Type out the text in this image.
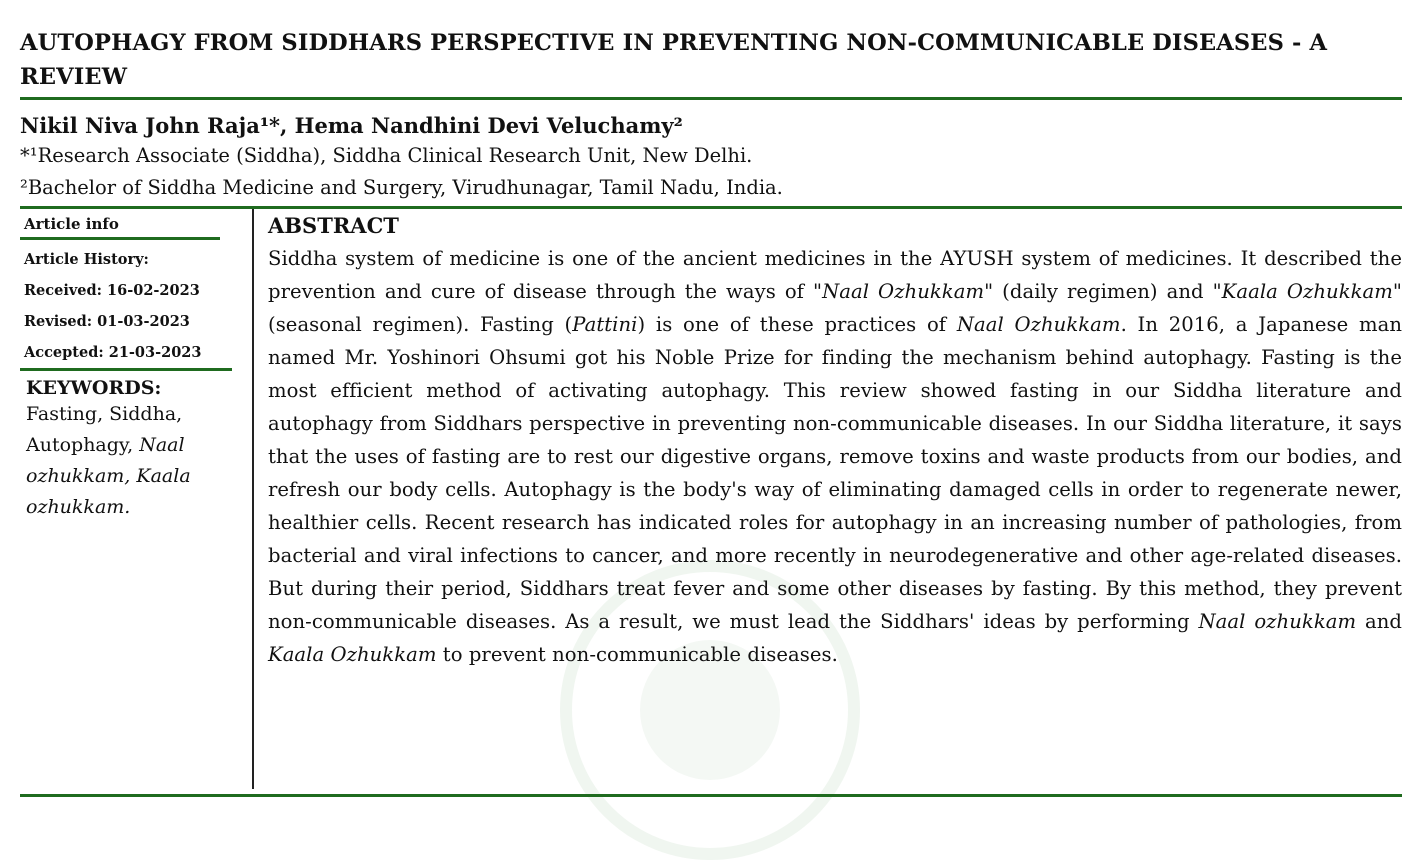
AUTOPHAGY FROM SIDDHARS PERSPECTIVE IN PREVENTING NON-COMMUNICABLE DISEASES - A REVIEW

Nikil Niva John Raja¹*, Hema Nandhini Devi Veluchamy²

*¹Research Associate (Siddha), Siddha Clinical Research Unit, New Delhi.

²Bachelor of Siddha Medicine and Surgery, Virudhunagar, Tamil Nadu, India.

Article info
Article History:
Received: 16-02-2023
Revised: 01-03-2023
Accepted: 21-03-2023
KEYWORDS:
Fasting, Siddha, Autophagy, Naal ozhukkam, Kaala ozhukkam.
ABSTRACT

Siddha system of medicine is one of the ancient medicines in the AYUSH system of medicines. It described the prevention and cure of disease through the ways of "Naal Ozhukkam" (daily regimen) and "Kaala Ozhukkam" (seasonal regimen). Fasting (Pattini) is one of these practices of Naal Ozhukkam. In 2016, a Japanese man named Mr. Yoshinori Ohsumi got his Noble Prize for finding the mechanism behind autophagy. Fasting is the most efficient method of activating autophagy. This review showed fasting in our Siddha literature and autophagy from Siddhars perspective in preventing non-communicable diseases. In our Siddha literature, it says that the uses of fasting are to rest our digestive organs, remove toxins and waste products from our bodies, and refresh our body cells. Autophagy is the body's way of eliminating damaged cells in order to regenerate newer, healthier cells. Recent research has indicated roles for autophagy in an increasing number of pathologies, from bacterial and viral infections to cancer, and more recently in neurodegenerative and other age-related diseases. But during their period, Siddhars treat fever and some other diseases by fasting. By this method, they prevent non-communicable diseases. As a result, we must lead the Siddhars' ideas by performing Naal ozhukkam and Kaala Ozhukkam to prevent non-communicable diseases.
